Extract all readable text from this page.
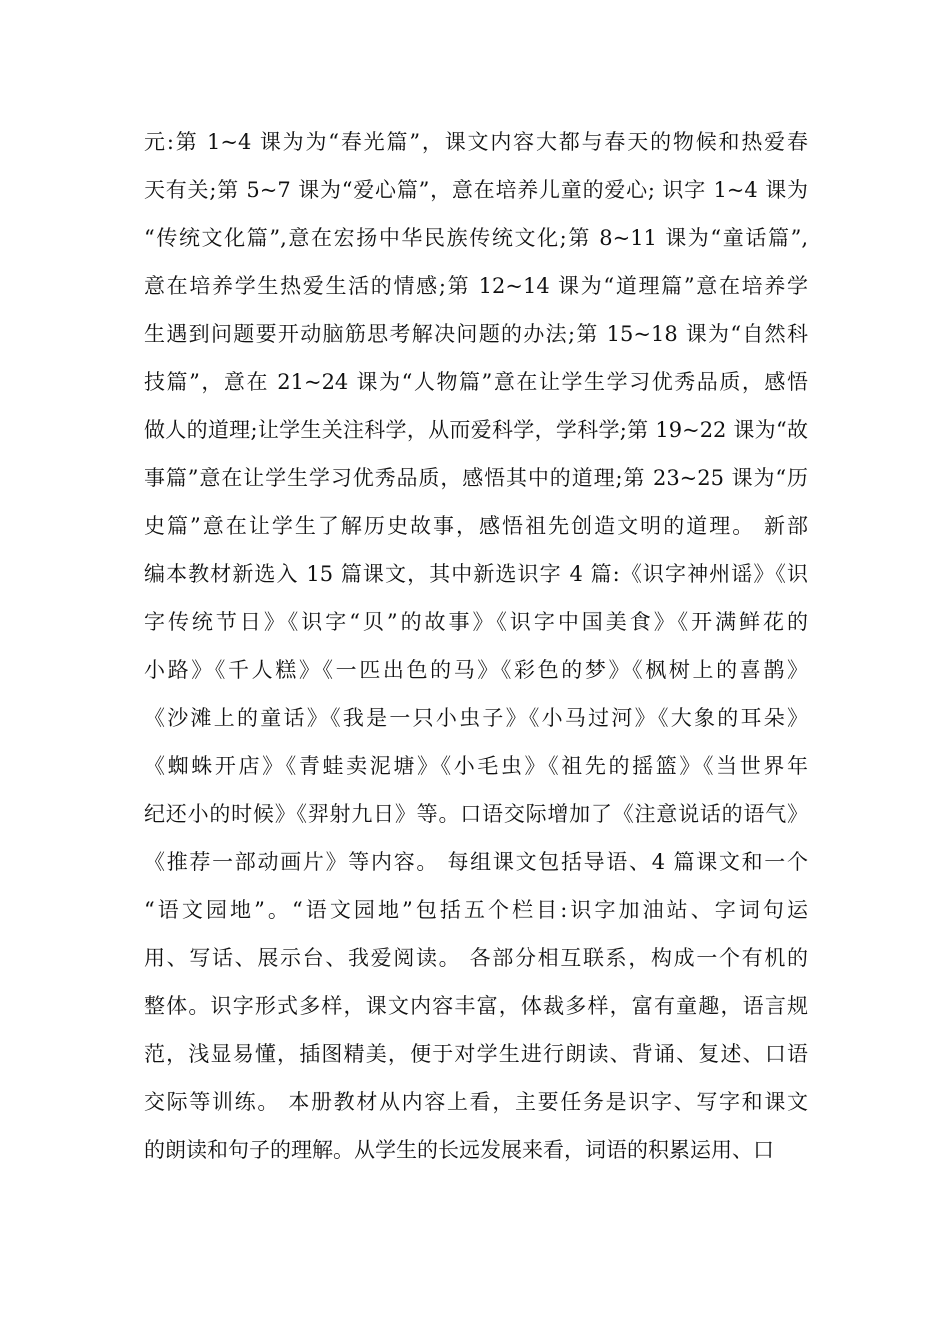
元:第 1~4 课为为“春光篇”，课文内容大都与春天的物候和热爱春
天有关;第 5~7 课为“爱心篇”，意在培养儿童的爱心; 识字 1~4 课为
“传统文化篇”,意在宏扬中华民族传统文化;第 8~11 课为“童话篇”,
意在培养学生热爱生活的情感;第 12~14 课为“道理篇”意在培养学
生遇到问题要开动脑筋思考解决问题的办法;第 15~18 课为“自然科
技篇”，意在 21~24 课为“人物篇”意在让学生学习优秀品质，感悟
做人的道理;让学生关注科学，从而爱科学，学科学;第 19~22 课为“故
事篇”意在让学生学习优秀品质，感悟其中的道理;第 23~25 课为“历
史篇”意在让学生了解历史故事，感悟祖先创造文明的道理。 新部
编本教材新选入 15 篇课文，其中新选识字 4 篇:《识字神州谣》《识
字传统节日》《识字“贝”的故事》《识字中国美食》《开满鲜花的
小路》《千人糕》《一匹出色的马》《彩色的梦》《枫树上的喜鹊》
《沙滩上的童话》《我是一只小虫子》《小马过河》《大象的耳朵》
《蜘蛛开店》《青蛙卖泥塘》《小毛虫》《祖先的摇篮》《当世界年
纪还小的时候》《羿射九日》等。口语交际增加了《注意说话的语气》
《推荐一部动画片》等内容。 每组课文包括导语、4 篇课文和一个
“语文园地”。“语文园地”包括五个栏目:识字加油站、字词句运
用、写话、展示台、我爱阅读。 各部分相互联系，构成一个有机的
整体。识字形式多样，课文内容丰富，体裁多样，富有童趣，语言规
范，浅显易懂，插图精美，便于对学生进行朗读、背诵、复述、口语
交际等训练。 本册教材从内容上看，主要任务是识字、写字和课文
的朗读和句子的理解。从学生的长远发展来看，词语的积累运用、口
